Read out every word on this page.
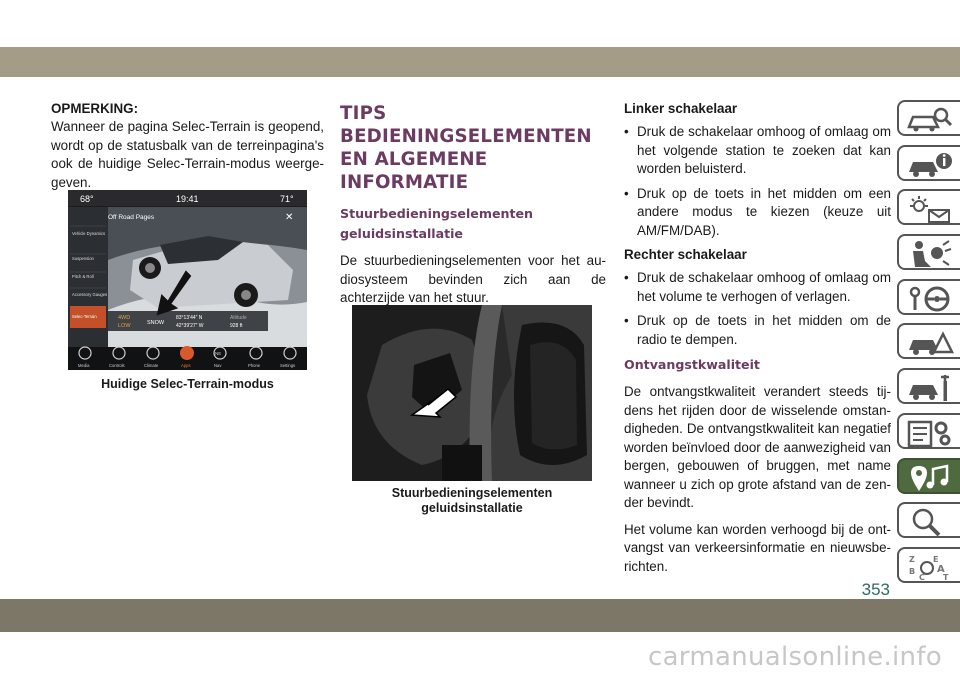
OPMERKING:

Wanneer de pagina Selec-Terrain is geopend, wordt op de statusbalk van de terreinpagina's ook de huidige Selec-Terrain-modus weerge-geven.

68°	19:41	71°
Off Road Pages	✕
Vehicle Dynamics
Suspension
Pitch & Roll
Accessory Gauges
Selec-Terrain	4WD
LOW	SNOW
83°13'44" N
42°39'27" W
Altitude
928 ft
NE
Media	Controls	Climate	Apps	Nav	Phone	Settings

Huidige Selec-Terrain-modus

TIPS BEDIENINGSELEMENTEN EN ALGEMENE INFORMATIE
Stuurbedieningselementen geluidsinstallatie

De stuurbedieningselementen voor het au-diosysteem bevinden zich aan de achterzijde van het stuur.

Stuurbedieningselementen geluidsinstallatie

Linker schakelaar

• Druk de schakelaar omhoog of omlaag om het volgende station te zoeken dat kan worden beluisterd.
• Druk op de toets in het midden om een andere modus te kiezen (keuze uit AM/FM/DAB).

Rechter schakelaar

• Druk de schakelaar omhoog of omlaag om het volume te verhogen of verlagen.
• Druk op de toets in het midden om de radio te dempen.
Ontvangstkwaliteit

De ontvangstkwaliteit verandert steeds tij-dens het rijden door de wisselende omstan-digheden. De ontvangstkwaliteit kan negatief worden beïnvloed door de aanwezigheid van bergen, gebouwen of bruggen, met name wanneer u zich op grote afstand van de zen-der bevindt.

Het volume kan worden verhoogd bij de ont-vangst van verkeersinformatie en nieuwsbe-richten.	Z E
B A
C T
353
carmanualsonline.info
